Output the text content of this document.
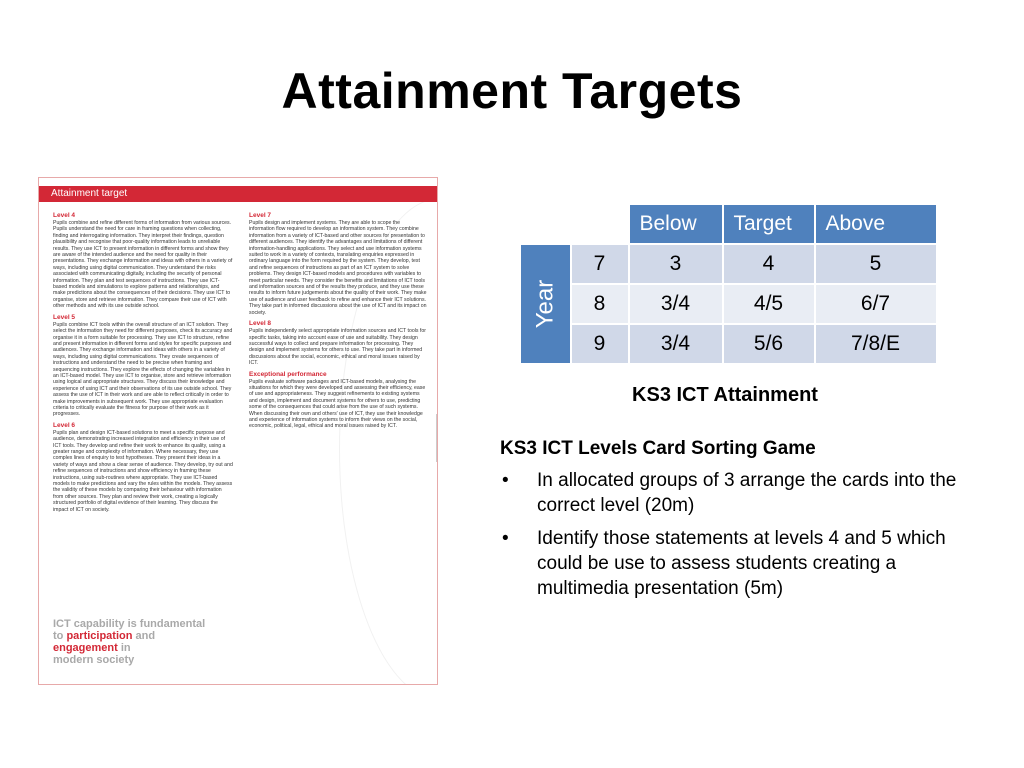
Attainment Targets
Attainment target
Level 4

Pupils combine and refine different forms of information from various sources. Pupils understand the need for care in framing questions when collecting, finding and interrogating information. They interpret their findings, question plausibility and recognise that poor-quality information leads to unreliable results. They use ICT to present information in different forms and show they are aware of the intended audience and the need for quality in their presentations. They exchange information and ideas with others in a variety of ways, including using digital communication. They understand the risks associated with communicating digitally, including the security of personal information. They plan and test sequences of instructions. They use ICT-based models and simulations to explore patterns and relationships, and make predictions about the consequences of their decisions. They use ICT to organise, store and retrieve information. They compare their use of ICT with other methods and with its use outside school.

Level 5

Pupils combine ICT tools within the overall structure of an ICT solution. They select the information they need for different purposes, check its accuracy and organise it in a form suitable for processing. They use ICT to structure, refine and present information in different forms and styles for specific purposes and audiences. They exchange information and ideas with others in a variety of ways, including using digital communications. They create sequences of instructions and understand the need to be precise when framing and sequencing instructions. They explore the effects of changing the variables in an ICT-based model. They use ICT to organise, store and retrieve information using logical and appropriate structures. They discuss their knowledge and experience of using ICT and their observations of its use outside school. They assess the use of ICT in their work and are able to reflect critically in order to make improvements in subsequent work. They use appropriate evaluation criteria to critically evaluate the fitness for purpose of their work as it progresses.

Level 6

Pupils plan and design ICT-based solutions to meet a specific purpose and audience, demonstrating increased integration and efficiency in their use of ICT tools. They develop and refine their work to enhance its quality, using a greater range and complexity of information. Where necessary, they use complex lines of enquiry to test hypotheses. They present their ideas in a variety of ways and show a clear sense of audience. They develop, try out and refine sequences of instructions and show efficiency in framing these instructions, using sub-routines where appropriate. They use ICT-based models to make predictions and vary the rules within the models. They assess the validity of these models by comparing their behaviour with information from other sources. They plan and review their work, creating a logically structured portfolio of digital evidence of their learning. They discuss the impact of ICT on society.

Level 7

Pupils design and implement systems. They are able to scope the information flow required to develop an information system. They combine information from a variety of ICT-based and other sources for presentation to different audiences. They identify the advantages and limitations of different information-handling applications. They select and use information systems suited to work in a variety of contexts, translating enquiries expressed in ordinary language into the form required by the system. They develop, test and refine sequences of instructions as part of an ICT system to solve problems. They design ICT-based models and procedures with variables to meet particular needs. They consider the benefits and limitations of ICT tools and information sources and of the results they produce, and they use these results to inform future judgements about the quality of their work. They make use of audience and user feedback to refine and enhance their ICT solutions. They take part in informed discussions about the use of ICT and its impact on society.

Level 8

Pupils independently select appropriate information sources and ICT tools for specific tasks, taking into account ease of use and suitability. They design successful ways to collect and prepare information for processing. They design and implement systems for others to use. They take part in informed discussions about the social, economic, ethical and moral issues raised by ICT.

Exceptional performance

Pupils evaluate software packages and ICT-based models, analysing the situations for which they were developed and assessing their efficiency, ease of use and appropriateness. They suggest refinements to existing systems and design, implement and document systems for others to use, predicting some of the consequences that could arise from the use of such systems. When discussing their own and others' use of ICT, they use their knowledge and experience of information systems to inform their views on the social, economic, political, legal, ethical and moral issues raised by ICT.

ICT capability is fundamental
to participation and
engagement in
modern society
		Below	Target	Above
Year	7	3	4	5
	8	3/4	4/5	6/7
	9	3/4	5/6	7/8/E
KS3 ICT Attainment
KS3 ICT Levels Card Sorting Game
• In allocated groups of 3 arrange the cards into the correct level (20m)
• Identify those statements at levels 4 and 5 which could be use to assess students creating a multimedia presentation (5m)
